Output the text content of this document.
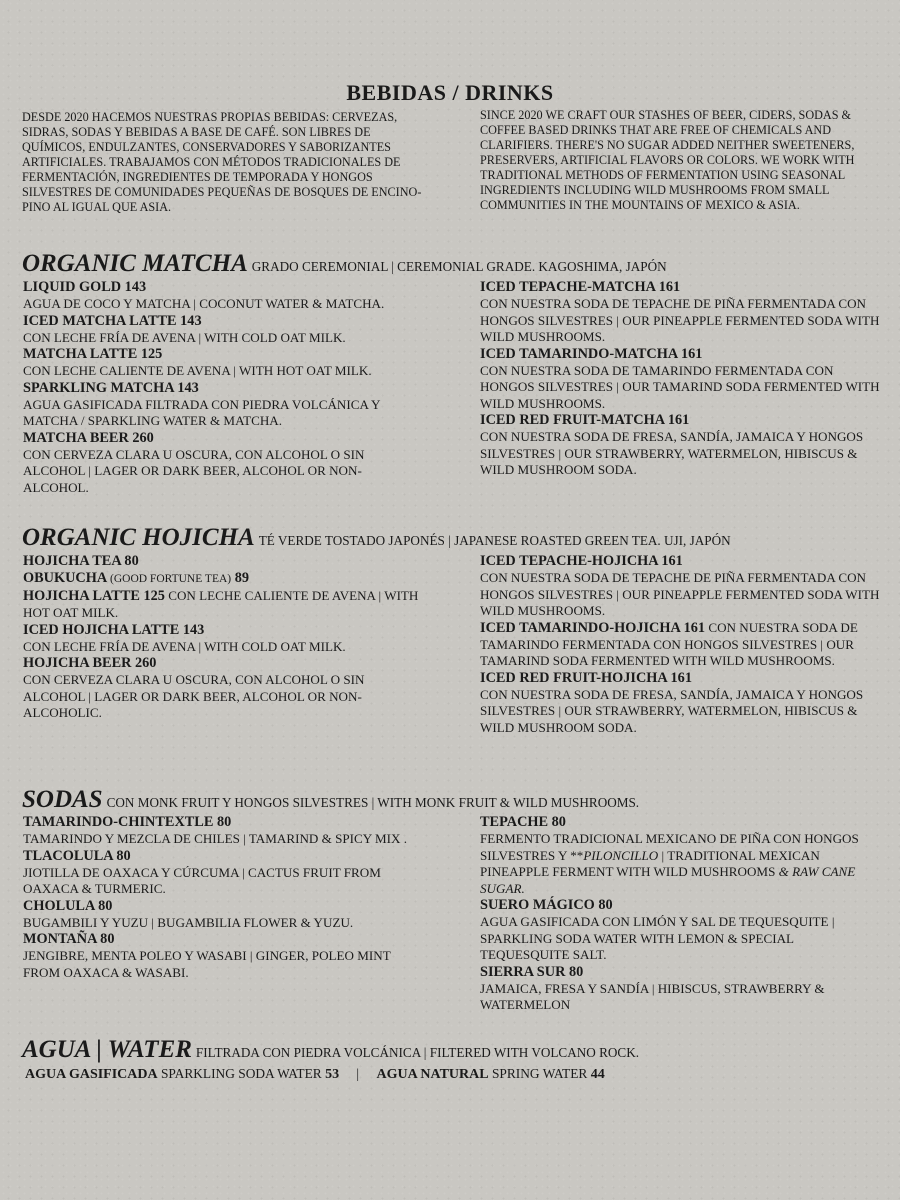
BEBIDAS / DRINKS
DESDE 2020 HACEMOS NUESTRAS PROPIAS BEBIDAS: CERVEZAS, SIDRAS, SODAS Y BEBIDAS A BASE DE CAFÉ. SON LIBRES DE QUÍMICOS, ENDULZANTES, CONSERVADORES Y SABORIZANTES ARTIFICIALES. TRABAJAMOS CON MÉTODOS TRADICIONALES DE FERMENTACIÓN, INGREDIENTES DE TEMPORADA Y HONGOS SILVESTRES DE COMUNIDADES PEQUEÑAS DE BOSQUES DE ENCINO-PINO AL IGUAL QUE ASIA.
SINCE 2020 WE CRAFT OUR STASHES OF BEER, CIDERS, SODAS & COFFEE BASED DRINKS THAT ARE FREE OF CHEMICALS AND CLARIFIERS. THERE'S NO SUGAR ADDED NEITHER SWEETENERS, PRESERVERS, ARTIFICIAL FLAVORS OR COLORS. WE WORK WITH TRADITIONAL METHODS OF FERMENTATION USING SEASONAL INGREDIENTS INCLUDING WILD MUSHROOMS FROM SMALL COMMUNITIES IN THE MOUNTAINS OF MEXICO & ASIA.
ORGANIC MATCHA GRADO CEREMONIAL | CEREMONIAL GRADE. KAGOSHIMA, JAPÓN
LIQUID GOLD 143
AGUA DE COCO Y MATCHA | COCONUT WATER & MATCHA.
ICED MATCHA LATTE 143
CON LECHE FRÍA DE AVENA | WITH COLD OAT MILK.
MATCHA LATTE 125
CON LECHE CALIENTE DE AVENA | WITH HOT OAT MILK.
SPARKLING MATCHA 143
AGUA GASIFICADA FILTRADA CON PIEDRA VOLCÁNICA Y MATCHA / SPARKLING WATER & MATCHA.
MATCHA BEER 260
CON CERVEZA CLARA U OSCURA, CON ALCOHOL O SIN ALCOHOL | LAGER OR DARK BEER, ALCOHOL OR NON-ALCOHOL.
ICED TEPACHE-MATCHA 161
CON NUESTRA SODA DE TEPACHE DE PIÑA FERMENTADA CON HONGOS SILVESTRES | OUR PINEAPPLE FERMENTED SODA WITH WILD MUSHROOMS.
ICED TAMARINDO-MATCHA 161
CON NUESTRA SODA DE TAMARINDO FERMENTADA CON HONGOS SILVESTRES | OUR TAMARIND SODA FERMENTED WITH WILD MUSHROOMS.
ICED RED FRUIT-MATCHA 161
CON NUESTRA SODA DE FRESA, SANDÍA, JAMAICA Y HONGOS SILVESTRES | OUR STRAWBERRY, WATERMELON, HIBISCUS & WILD MUSHROOM SODA.
ORGANIC HOJICHA TÉ VERDE TOSTADO JAPONÉS | JAPANESE ROASTED GREEN TEA. UJI, JAPÓN
HOJICHA TEA 80
OBUKUCHA (GOOD FORTUNE TEA) 89
HOJICHA LATTE 125 CON LECHE CALIENTE DE AVENA | WITH HOT OAT MILK.
ICED HOJICHA LATTE 143
CON LECHE FRÍA DE AVENA | WITH COLD OAT MILK.
HOJICHA BEER 260
CON CERVEZA CLARA U OSCURA, CON ALCOHOL O SIN ALCOHOL | LAGER OR DARK BEER, ALCOHOL OR NON-ALCOHOLIC.
ICED TEPACHE-HOJICHA 161
CON NUESTRA SODA DE TEPACHE DE PIÑA FERMENTADA CON HONGOS SILVESTRES | OUR PINEAPPLE FERMENTED SODA WITH WILD MUSHROOMS.
ICED TAMARINDO-HOJICHA 161 CON NUESTRA SODA DE TAMARINDO FERMENTADA CON HONGOS SILVESTRES | OUR TAMARIND SODA FERMENTED WITH WILD MUSHROOMS.
ICED RED FRUIT-HOJICHA 161
CON NUESTRA SODA DE FRESA, SANDÍA, JAMAICA Y HONGOS SILVESTRES | OUR STRAWBERRY, WATERMELON, HIBISCUS & WILD MUSHROOM SODA.
SODAS CON MONK FRUIT Y HONGOS SILVESTRES | WITH MONK FRUIT & WILD MUSHROOMS.
TAMARINDO-CHINTEXTLE 80
TAMARINDO Y MEZCLA DE CHILES | TAMARIND & SPICY MIX .
TLACOLULA 80
JIOTILLA DE OAXACA Y CÚRCUMA | CACTUS FRUIT FROM OAXACA & TURMERIC.
CHOLULA 80
BUGAMBILI Y YUZU | BUGAMBILIA FLOWER & YUZU.
MONTAÑA 80
JENGIBRE, MENTA POLEO Y WASABI | GINGER, POLEO MINT FROM OAXACA & WASABI.
TEPACHE 80
FERMENTO TRADICIONAL MEXICANO DE PIÑA CON HONGOS SILVESTRES Y **PILONCILLO | TRADITIONAL MEXICAN PINEAPPLE FERMENT WITH WILD MUSHROOMS & RAW CANE SUGAR.
SUERO MÁGICO 80
AGUA GASIFICADA CON LIMÓN Y SAL DE TEQUESQUITE | SPARKLING SODA WATER WITH LEMON & SPECIAL TEQUESQUITE SALT.
SIERRA SUR 80
JAMAICA, FRESA Y SANDÍA | HIBISCUS, STRAWBERRY & WATERMELON
AGUA | WATER FILTRADA CON PIEDRA VOLCÁNICA | FILTERED WITH VOLCANO ROCK.
AGUA GASIFICADA SPARKLING SODA WATER 53 | AGUA NATURAL SPRING WATER 44
